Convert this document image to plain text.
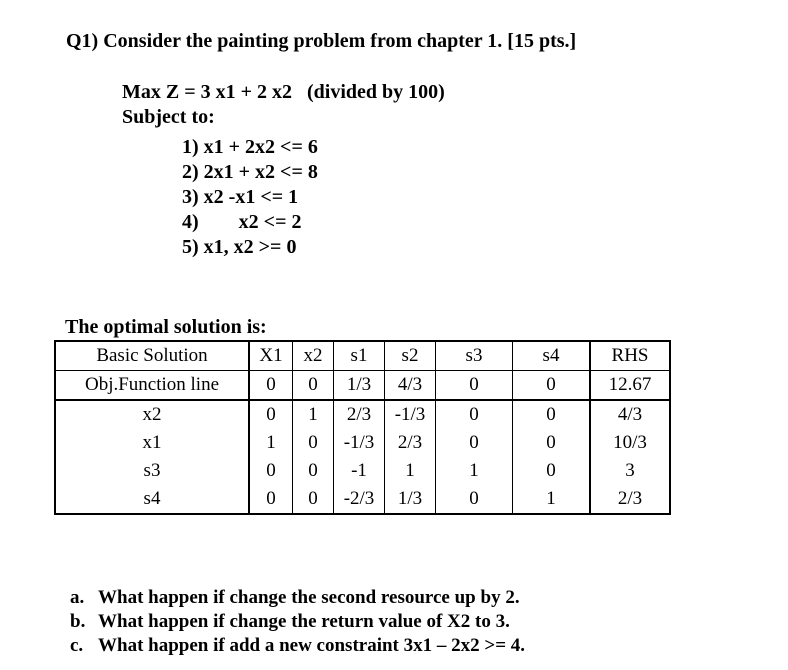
Q1) Consider the painting problem from chapter 1. [15 pts.]
Max Z = 3 x1 + 2 x2   (divided by 100)
Subject to:
1) x1 + 2x2 <= 6
2) 2x1 + x2 <= 8
3) x2 -x1 <= 1
4) x2 <= 2
5) x1, x2 >= 0
The optimal solution is:
Basic Solution	X1	x2	s1	s2	s3	s4	RHS
Obj.Function line	0	0	1/3	4/3	0	0	12.67
x2	0	1	2/3	-1/3	0	0	4/3
x1	1	0	-1/3	2/3	0	0	10/3
s3	0	0	-1	1	1	0	3
s4	0	0	-2/3	1/3	0	1	2/3
a. What happen if change the second resource up by 2.
b. What happen if change the return value of X2 to 3.
c. What happen if add a new constraint 3x1 – 2x2 >= 4.
